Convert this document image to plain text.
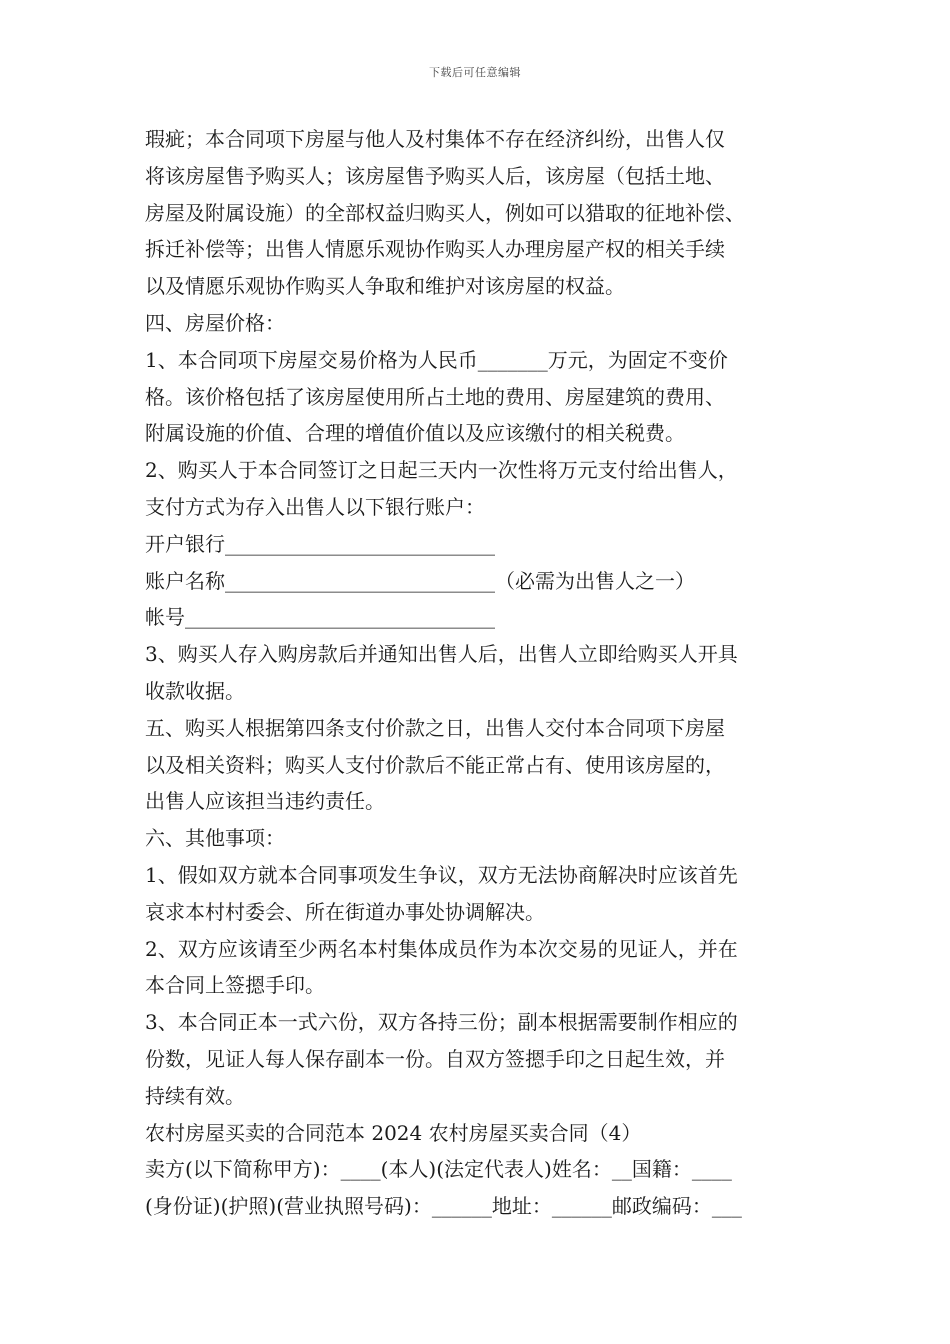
下载后可任意编辑
瑕疵；本合同项下房屋与他人及村集体不存在经济纠纷，出售人仅
将该房屋售予购买人；该房屋售予购买人后，该房屋（包括土地、
房屋及附属设施）的全部权益归购买人，例如可以猎取的征地补偿、
拆迁补偿等；出售人情愿乐观协作购买人办理房屋产权的相关手续
以及情愿乐观协作购买人争取和维护对该房屋的权益。
四、房屋价格：
1、本合同项下房屋交易价格为人民币_______万元，为固定不变价
格。该价格包括了该房屋使用所占土地的费用、房屋建筑的费用、
附属设施的价值、合理的增值价值以及应该缴付的相关税费。
2、购买人于本合同签订之日起三天内一次性将万元支付给出售人，
支付方式为存入出售人以下银行账户：
开户银行___________________________
账户名称___________________________（必需为出售人之一）
帐号_______________________________
3、购买人存入购房款后并通知出售人后，出售人立即给购买人开具
收款收据。
五、购买人根据第四条支付价款之日，出售人交付本合同项下房屋
以及相关资料；购买人支付价款后不能正常占有、使用该房屋的，
出售人应该担当违约责任。
六、其他事项：
1、假如双方就本合同事项发生争议，双方无法协商解决时应该首先
哀求本村村委会、所在街道办事处协调解决。
2、双方应该请至少两名本村集体成员作为本次交易的见证人，并在
本合同上签摁手印。
3、本合同正本一式六份，双方各持三份；副本根据需要制作相应的
份数，见证人每人保存副本一份。自双方签摁手印之日起生效，并
持续有效。
农村房屋买卖的合同范本 2024 农村房屋买卖合同（4）
卖方(以下简称甲方)：____(本人)(法定代表人)姓名：__国籍：____
(身份证)(护照)(营业执照号码)：______地址：______邮政编码：___
